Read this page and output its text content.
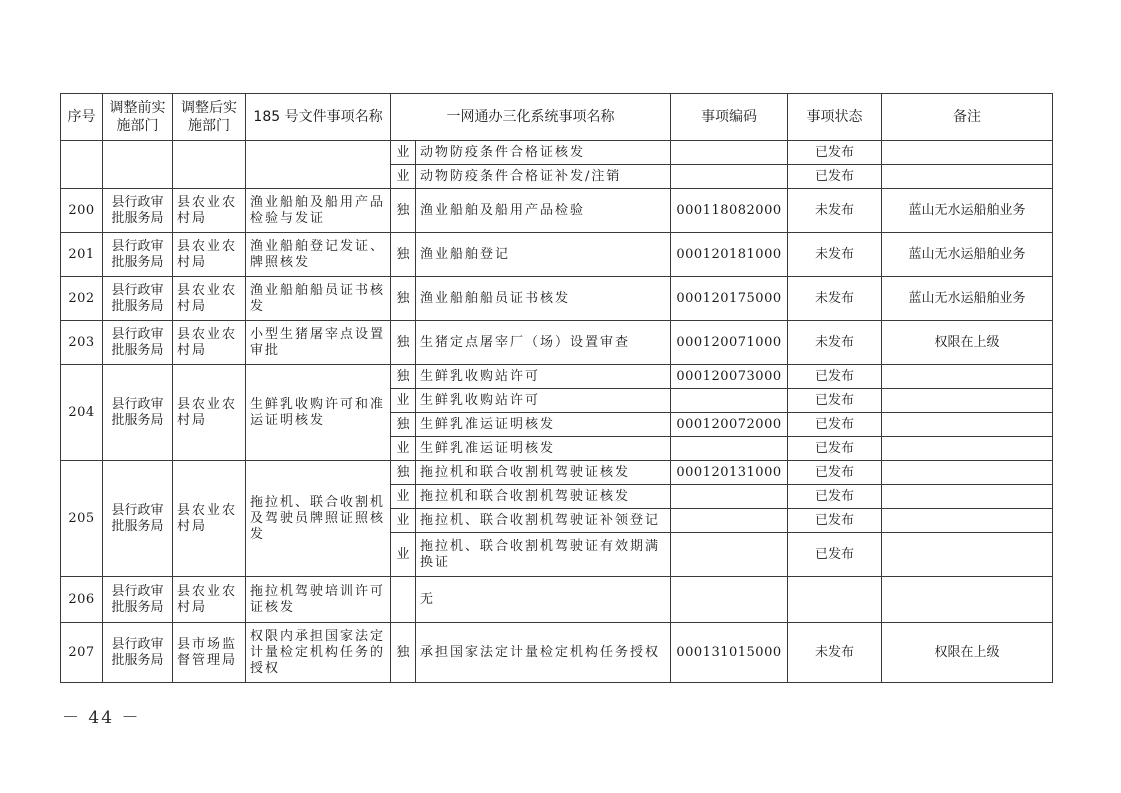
序号	调整前实施部门	调整后实施部门	185 号文件事项名称	一网通办三化系统事项名称		事项编码	事项状态	备注
				业	动物防疫条件合格证核发		已发布	
				业	动物防疫条件合格证补发/注销		已发布	
200	县行政审批服务局	县农业农村局	渔业船舶及船用产品检验与发证	独	渔业船舶及船用产品检验	000118082000	未发布	蓝山无水运船舶业务
201	县行政审批服务局	县农业农村局	渔业船舶登记发证、牌照核发	独	渔业船舶登记	000120181000	未发布	蓝山无水运船舶业务
202	县行政审批服务局	县农业农村局	渔业船舶船员证书核发	独	渔业船舶船员证书核发	000120175000	未发布	蓝山无水运船舶业务
203	县行政审批服务局	县农业农村局	小型生猪屠宰点设置审批	独	生猪定点屠宰厂（场）设置审查	000120071000	未发布	权限在上级
204	县行政审批服务局	县农业农村局	生鲜乳收购许可和准运证明核发	独	生鲜乳收购站许可	000120073000	已发布	
				业	生鲜乳收购站许可		已发布	
				独	生鲜乳准运证明核发	000120072000	已发布	
				业	生鲜乳准运证明核发		已发布	
205	县行政审批服务局	县农业农村局	拖拉机、联合收割机及驾驶员牌照证照核发	独	拖拉机和联合收割机驾驶证核发	000120131000	已发布	
				业	拖拉机和联合收割机驾驶证核发		已发布	
				业	拖拉机、联合收割机驾驶证补领登记		已发布	
				业	拖拉机、联合收割机驾驶证有效期满换证		已发布	
206	县行政审批服务局	县农业农村局	拖拉机驾驶培训许可证核发		无			
207	县行政审批服务局	县市场监督管理局	权限内承担国家法定计量检定机构任务的授权	独	承担国家法定计量检定机构任务授权	000131015000	未发布	权限在上级
－ 44 －
